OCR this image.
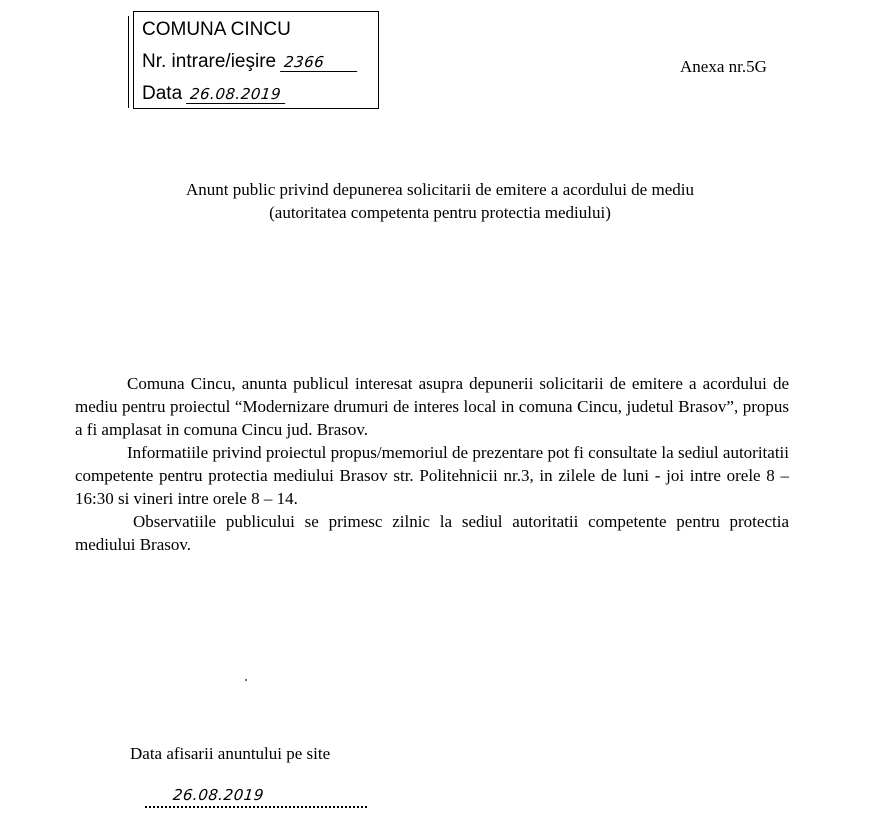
COMUNA CINCU
Nr. intrare/ieşire 2366
Data 26.08.2019
Anexa nr.5G
Anunt public privind depunerea solicitarii de emitere a acordului de mediu
(autoritatea competenta pentru protectia mediului)

Comuna Cincu, anunta publicul interesat asupra depunerii solicitarii de emitere a acordului de mediu pentru proiectul “Modernizare drumuri de interes local in comuna Cincu, judetul Brasov”, propus a fi amplasat in comuna Cincu jud. Brasov.

Informatiile privind proiectul propus/memoriul de prezentare pot fi consultate la sediul autoritatii competente pentru protectia mediului Brasov str. Politehnicii nr.3, in zilele de luni - joi intre orele 8 – 16:30 si vineri intre orele 8 – 14.

Observatiile publicului se primesc zilnic la sediul autoritatii competente pentru protectia mediului Brasov.

Data afisarii anuntului pe site
26.08.2019
